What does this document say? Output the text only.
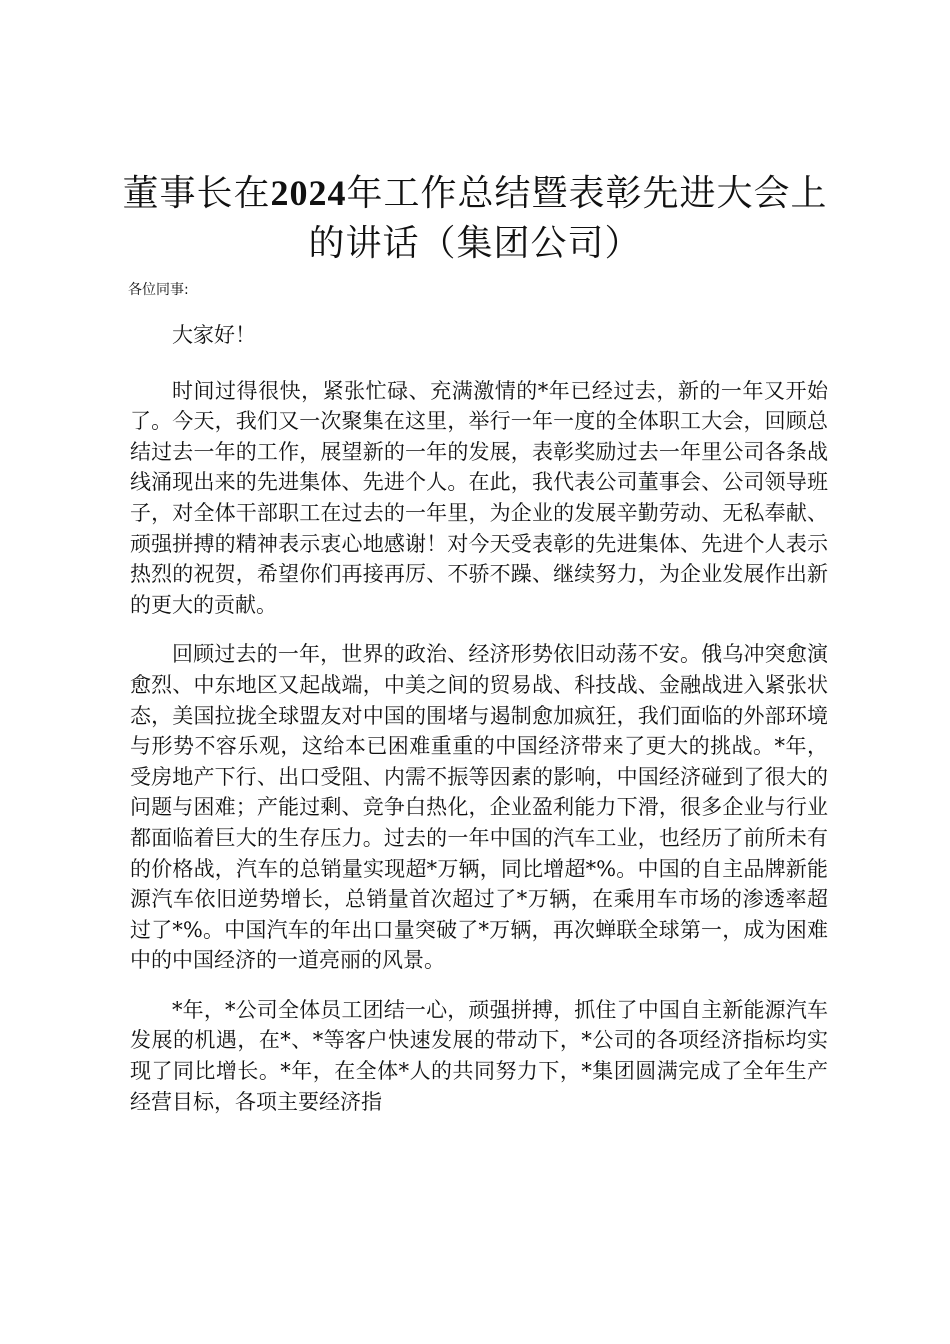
董事长在2024年工作总结暨表彰先进大会上的讲话（集团公司）
各位同事:

大家好！

时间过得很快，紧张忙碌、充满激情的*年已经过去，新的一年又开始了。今天，我们又一次聚集在这里，举行一年一度的全体职工大会，回顾总结过去一年的工作，展望新的一年的发展，表彰奖励过去一年里公司各条战线涌现出来的先进集体、先进个人。在此，我代表公司董事会、公司领导班子，对全体干部职工在过去的一年里，为企业的发展辛勤劳动、无私奉献、顽强拼搏的精神表示衷心地感谢！对今天受表彰的先进集体、先进个人表示热烈的祝贺，希望你们再接再厉、不骄不躁、继续努力，为企业发展作出新的更大的贡献。

回顾过去的一年，世界的政治、经济形势依旧动荡不安。俄乌冲突愈演愈烈、中东地区又起战端，中美之间的贸易战、科技战、金融战进入紧张状态，美国拉拢全球盟友对中国的围堵与遏制愈加疯狂，我们面临的外部环境与形势不容乐观，这给本已困难重重的中国经济带来了更大的挑战。*年，受房地产下行、出口受阻、内需不振等因素的影响，中国经济碰到了很大的问题与困难；产能过剩、竞争白热化，企业盈利能力下滑，很多企业与行业都面临着巨大的生存压力。过去的一年中国的汽车工业，也经历了前所未有的价格战，汽车的总销量实现超*万辆，同比增超*%。中国的自主品牌新能源汽车依旧逆势增长，总销量首次超过了*万辆，在乘用车市场的渗透率超过了*%。中国汽车的年出口量突破了*万辆，再次蝉联全球第一，成为困难中的中国经济的一道亮丽的风景。

*年，*公司全体员工团结一心，顽强拼搏，抓住了中国自主新能源汽车发展的机遇，在*、*等客户快速发展的带动下，*公司的各项经济指标均实现了同比增长。*年，在全体*人的共同努力下，*集团圆满完成了全年生产经营目标，各项主要经济指
